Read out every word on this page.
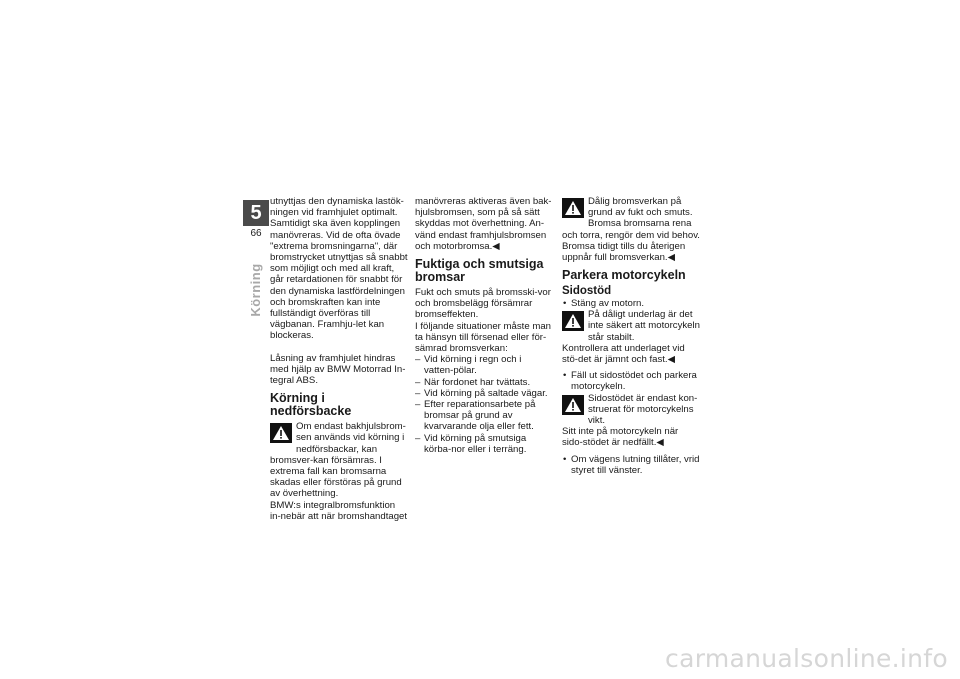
5
66
Körning

utnyttjas den dynamiska lastök-ningen vid framhjulet optimalt. Samtidigt ska även kopplingen manövreras. Vid de ofta övade "extrema bromsningarna", där bromstrycket utnyttjas så snabbt som möjligt och med all kraft, går retardationen för snabbt för den dynamiska lastfördelningen och bromskraften kan inte fullständigt överföras till vägbanan. Framhju-let kan blockeras.

Låsning av framhjulet hindras med hjälp av BMW Motorrad In-tegral ABS.

Körning i nedförsbacke
Om endast bakhjulsbrom-sen används vid körning i nedförsbackar, kan bromsver-kan försämras. I extrema fall kan bromsarna skadas eller förstöras på grund av överhettning.

BMW:s integralbromsfunktion in-nebär att när bromshandtaget

manövreras aktiveras även bak-hjulsbromsen, som på så sätt skyddas mot överhettning. An-vänd endast framhjulsbromsen och motorbromsa.◀

Fuktiga och smutsiga bromsar

Fukt och smuts på bromsski-vor och bromsbelägg försämrar bromseffekten.

I följande situationer måste man ta hänsyn till försenad eller för-sämrad bromsverkan:

– Vid körning i regn och i vatten-pölar.
– När fordonet har tvättats.
– Vid körning på saltade vägar.
– Efter reparationsarbete på bromsar på grund av kvarvarande olja eller fett.
– Vid körning på smutsiga körba-nor eller i terräng.
Dålig bromsverkan på grund av fukt och smuts.

Bromsa bromsarna rena och torra, rengör dem vid behov. Bromsa tidigt tills du återigen uppnår full bromsverkan.◀

Parkera motorcykeln
Sidostöd
• Stäng av motorn.
På dåligt underlag är det inte säkert att motorcykeln står stabilt.

Kontrollera att underlaget vid stö-det är jämnt och fast.◀

• Fäll ut sidostödet och parkera motorcykeln.
Sidostödet är endast kon-struerat för motorcykelns vikt.

Sitt inte på motorcykeln när sido-stödet är nedfällt.◀

• Om vägens lutning tillåter, vrid styret till vänster.
carmanualsonline.info
